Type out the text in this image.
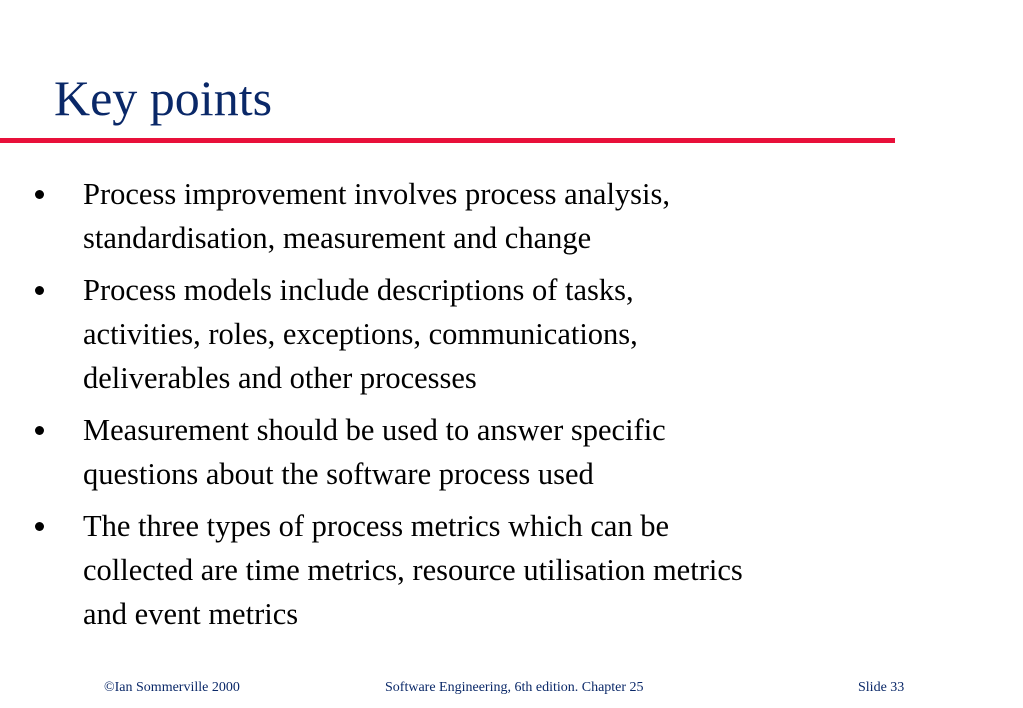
Key points
Process improvement involves process analysis,
standardisation, measurement and change
Process models include descriptions of tasks,
activities, roles, exceptions, communications,
deliverables and other processes
Measurement should be used to answer specific
questions about the software process used
The three types of process metrics which can be
collected are time metrics, resource utilisation metrics
and event metrics
©Ian Sommerville 2000	Software Engineering, 6th edition. Chapter 25	Slide 33
